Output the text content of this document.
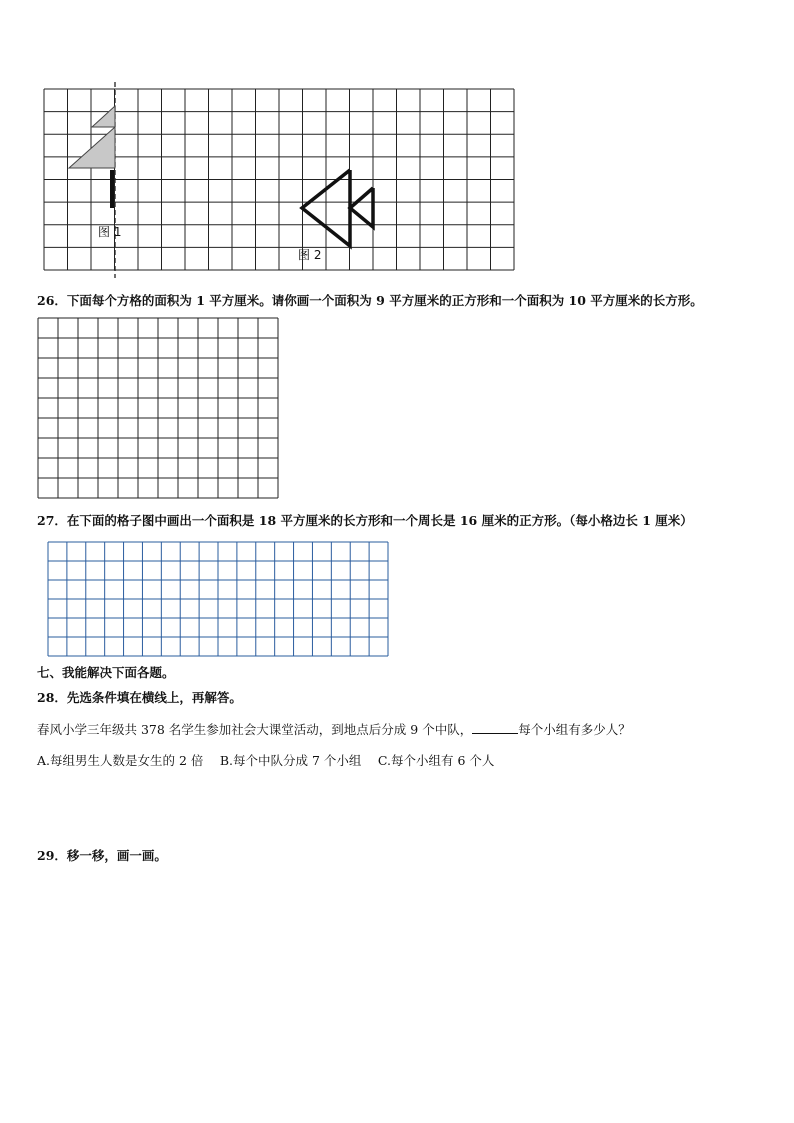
图 1
图 2
26．下面每个方格的面积为 1 平方厘米。请你画一个面积为 9 平方厘米的正方形和一个面积为 10 平方厘米的长方形。
27．在下面的格子图中画出一个面积是 18 平方厘米的长方形和一个周长是 16 厘米的正方形。（每小格边长 1 厘米）
七、我能解决下面各题。
28．先选条件填在横线上，再解答。
春风小学三年级共 378 名学生参加社会大课堂活动，到地点后分成 9 个中队，	每个小组有多少人？
A.每组男生人数是女生的 2 倍　 B.每个中队分成 7 个小组　 C.每个小组有 6 个人
29．移一移，画一画。
